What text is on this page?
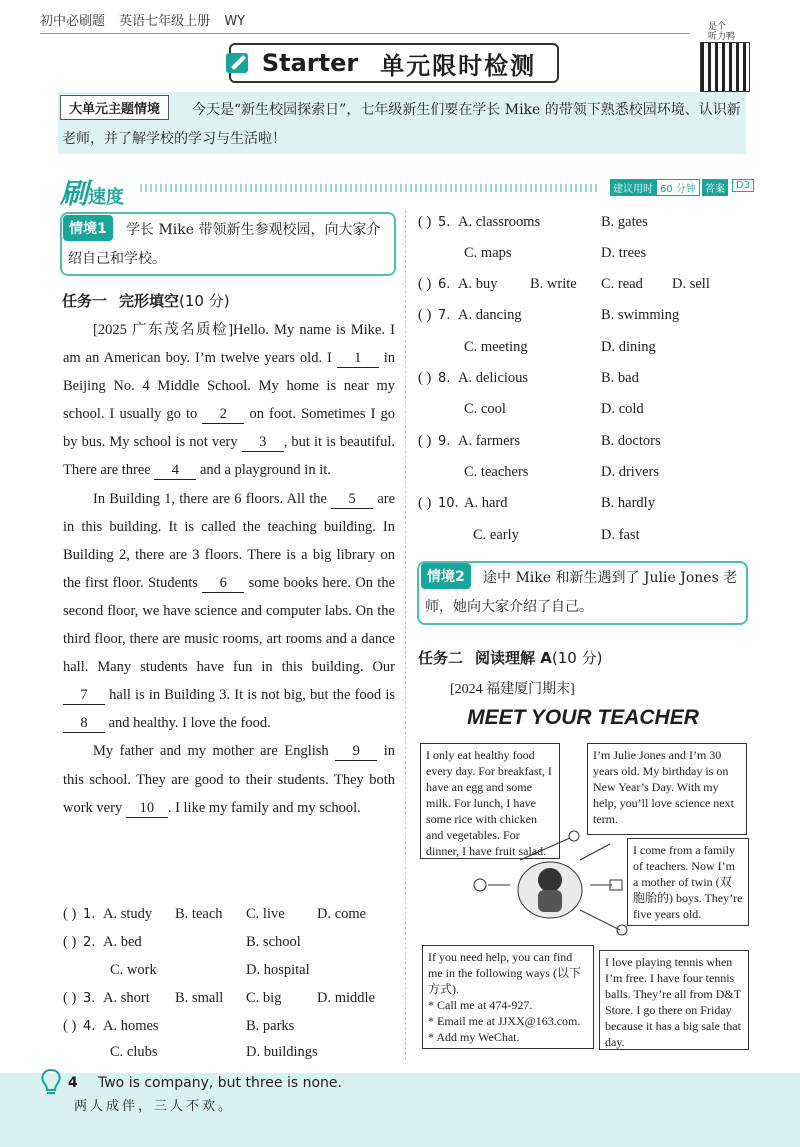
初中必刷题 英语七年级上册 WY	是个
听力鸭
Starter 单元限时检测
今天是“新生校园探索日”，七年级新生们要在学长 Mike 的带领下熟悉校园环境、认识新老师，并了解学校的学习与生活啦！
大单元主题情境
刷速度	建议用时 60 分钟 答案	D3
情境1	学长 Mike 带领新生参观校园，向大家介绍自己和学校。
任务一 完形填空(10 分)

[2025 广东茂名质检]Hello. My name is Mike. I am an American boy. I’m twelve years old. I 1 in Beijing No. 4 Middle School. My home is near my school. I usually go to 2 on foot. Sometimes I go by bus. My school is not very 3 , but it is beautiful. There are three 4 and a playground in it.

In Building 1, there are 6 floors. All the 5 are in this building. It is called the teaching building. In Building 2, there are 3 floors. There is a big library on the first floor. Students 6 some books here. On the second floor, we have science and computer labs. On the third floor, there are music rooms, art rooms and a dance hall. Many students have fun in this building. Our 7 hall is in Building 3. It is not big, but the food is 8 and healthy. I love the food.

My father and my mother are English 9 in this school. They are good to their students. They both work very 10 . I like my family and my school.

( ) 1. A. study B. teach C. live D. come
( ) 2. A. bed	B. school
C. work	D. hospital
( ) 3. A. short B. small C. big D. middle
( ) 4. A. homes	B. parks
C. clubs	D. buildings
( ) 5. A. classrooms	B. gates
C. maps	D. trees
( ) 6. A. buy B. write C. read D. sell
( ) 7. A. dancing	B. swimming
C. meeting	D. dining
( ) 8. A. delicious	B. bad
C. cool	D. cold
( ) 9. A. farmers	B. doctors
C. teachers	D. drivers
( ) 10. A. hard	B. hardly
C. early	D. fast
情境2	途中 Mike 和新生遇到了 Julie Jones 老师，她向大家介绍了自己。
任务二 阅读理解 A(10 分)
[2024 福建厦门期末]
MEET YOUR TEACHER
I only eat healthy food every day. For breakfast, I have an egg and some milk. For lunch, I have some rice with chicken and vegetables. For dinner, I have fruit salad.
I’m Julie Jones and I’m 30 years old. My birthday is on New Year’s Day. With my help, you’ll love science next term.
I come from a family of teachers. Now I’m a mother of twin (双胞胎的) boys. They’re five years old.
If you need help, you can find me in the following ways (以下方式).
* Call me at 474-927.
* Email me at JJXX@163.com.
* Add my WeChat.
I love playing tennis when I’m free. I have four tennis balls. They’re all from D&T Store. I go there on Friday because it has a big sale that day.
4 Two is company, but three is none.
两人成伴，三人不欢。
